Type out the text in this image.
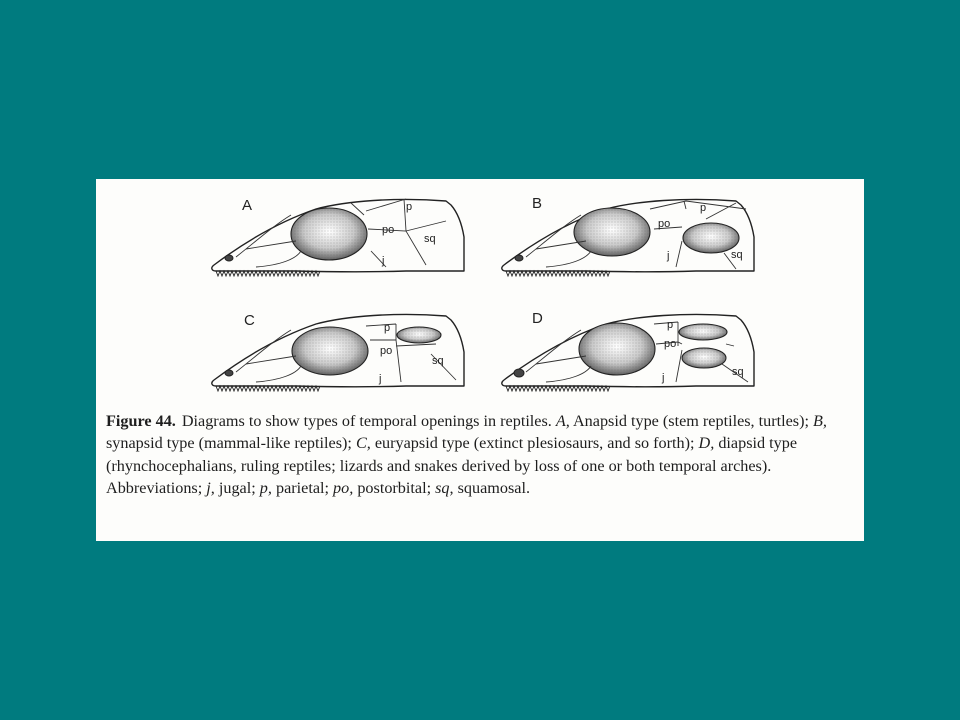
A
po
p
sq
j
B
po
p
sq
j
C
po
p
sq
j
D
po
p
sq
j

Figure 44. Diagrams to show types of temporal openings in reptiles. A, Anapsid type (stem reptiles, turtles); B, synapsid type (mammal-like reptiles); C, euryapsid type (extinct plesiosaurs, and so forth); D, diapsid type (rhynchocephalians, ruling reptiles; lizards and snakes derived by loss of one or both temporal arches). Abbreviations; j, jugal; p, parietal; po, postorbital; sq, squamosal.
